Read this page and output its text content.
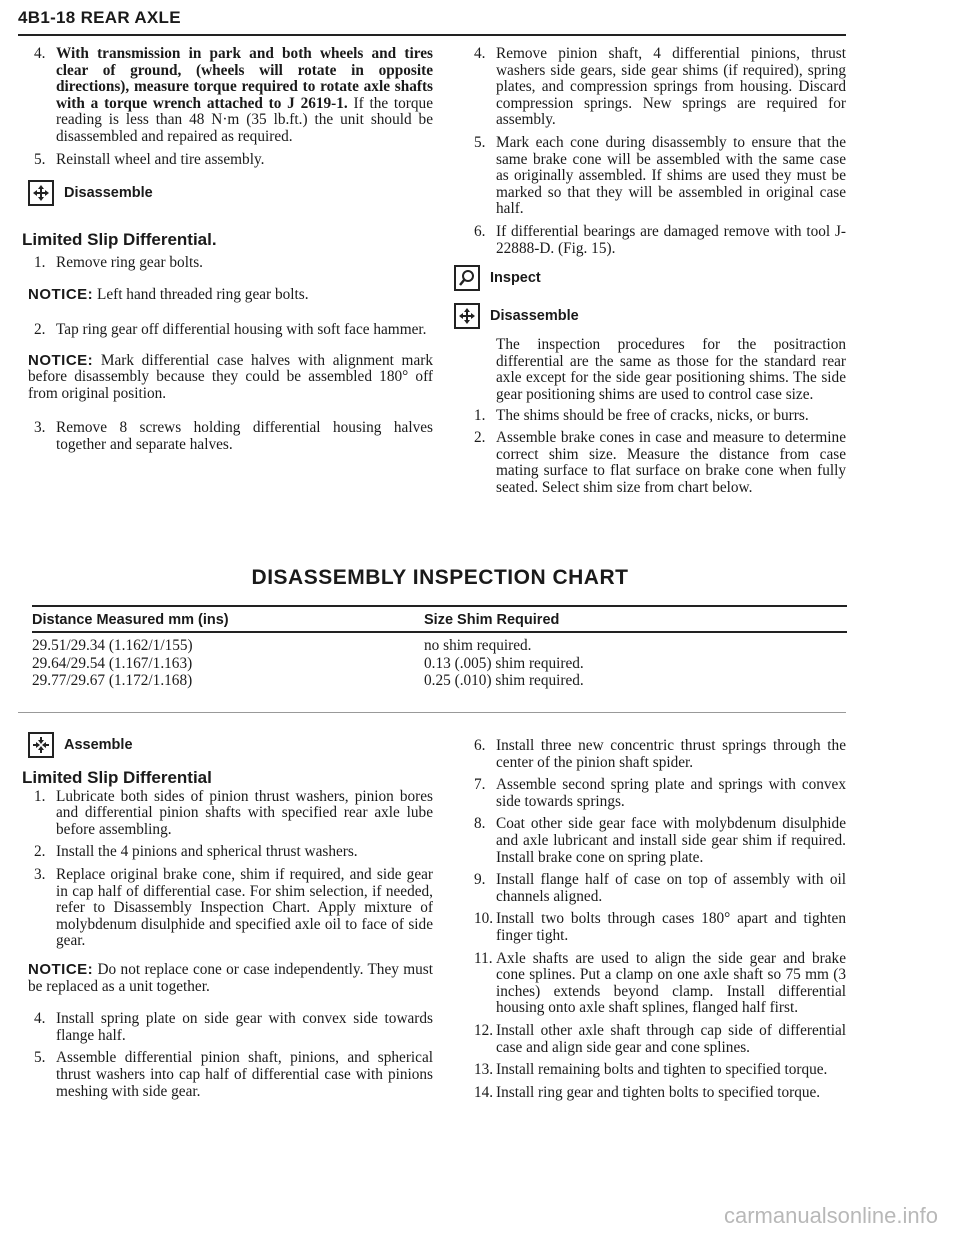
4B1-18 REAR AXLE
4. With transmission in park and both wheels and tires clear of ground, (wheels will rotate in opposite directions), measure torque required to rotate axle shafts with a torque wrench attached to J 2619-1. If the torque reading is less than 48 N·m (35 lb.ft.) the unit should be disassembled and repaired as required.
5. Reinstall wheel and tire assembly.
Disassemble
Limited Slip Differential.
1. Remove ring gear bolts.
NOTICE: Left hand threaded ring gear bolts.
2. Tap ring gear off differential housing with soft face hammer.
NOTICE: Mark differential case halves with alignment mark before disassembly because they could be assembled 180° off from original position.
3. Remove 8 screws holding differential housing halves together and separate halves.
4. Remove pinion shaft, 4 differential pinions, thrust washers side gears, side gear shims (if required), spring plates, and compression springs from housing. Discard compression springs. New springs are required for assembly.
5. Mark each cone during disassembly to ensure that the same brake cone will be assembled with the same case as originally assembled. If shims are used they must be marked so that they will be assembled in original case half.
6. If differential bearings are damaged remove with tool J-22888-D. (Fig. 15).
Inspect
Disassemble
The inspection procedures for the positraction differential are the same as those for the standard rear axle except for the side gear positioning shims. The side gear positioning shims are used to control case size.
1. The shims should be free of cracks, nicks, or burrs.
2. Assemble brake cones in case and measure to determine correct shim size. Measure the distance from case mating surface to flat surface on brake cone when fully seated. Select shim size from chart below.
DISASSEMBLY INSPECTION CHART
Distance Measured mm (ins)	Size Shim Required
29.51/29.34 (1.162/1/155)	no shim required.
29.64/29.54 (1.167/1.163)	0.13 (.005) shim required.
29.77/29.67 (1.172/1.168)	0.25 (.010) shim required.
Assemble
Limited Slip Differential
1. Lubricate both sides of pinion thrust washers, pinion bores and differential pinion shafts with specified rear axle lube before assembling.
2. Install the 4 pinions and spherical thrust washers.
3. Replace original brake cone, shim if required, and side gear in cap half of differential case. For shim selection, if needed, refer to Disassembly Inspection Chart. Apply mixture of molybdenum disulphide and specified axle oil to face of side gear.
NOTICE: Do not replace cone or case independently. They must be replaced as a unit together.
4. Install spring plate on side gear with convex side towards flange half.
5. Assemble differential pinion shaft, pinions, and spherical thrust washers into cap half of differential case with pinions meshing with side gear.
6. Install three new concentric thrust springs through the center of the pinion shaft spider.
7. Assemble second spring plate and springs with convex side towards springs.
8. Coat other side gear face with molybdenum disulphide and axle lubricant and install side gear shim if required. Install brake cone on spring plate.
9. Install flange half of case on top of assembly with oil channels aligned.
10. Install two bolts through cases 180° apart and tighten finger tight.
11. Axle shafts are used to align the side gear and brake cone splines. Put a clamp on one axle shaft so 75 mm (3 inches) extends beyond clamp. Install differential housing onto axle shaft splines, flanged half first.
12. Install other axle shaft through cap side of differential case and align side gear and cone splines.
13. Install remaining bolts and tighten to specified torque.
14. Install ring gear and tighten bolts to specified torque.
carmanualsonline.info
